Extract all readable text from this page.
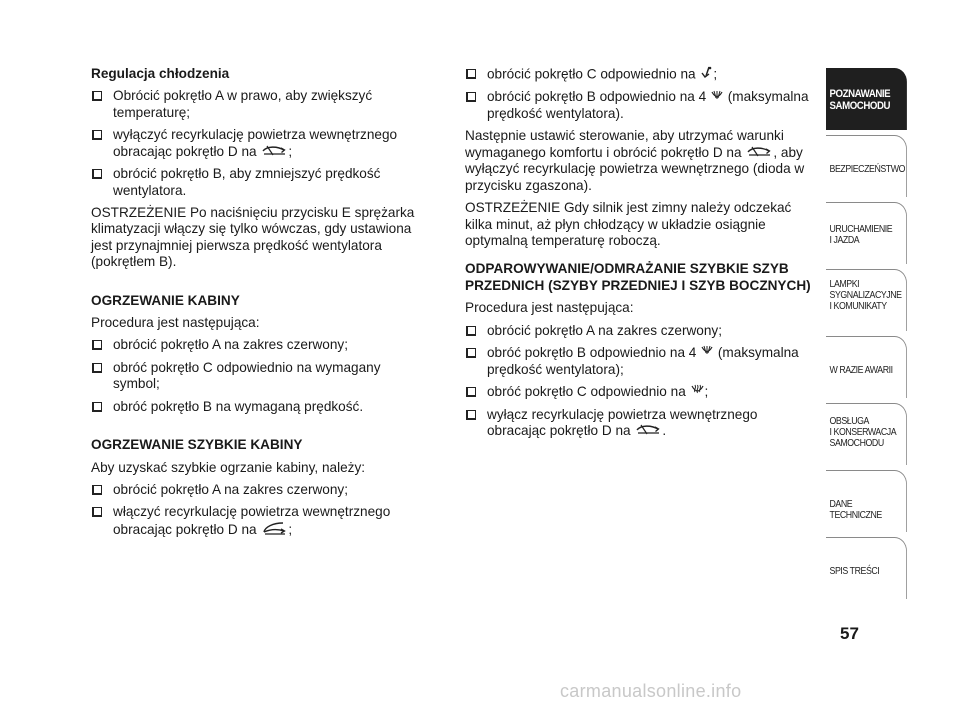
Regulacja chłodzenia
Obrócić pokrętło A w prawo, aby zwiększyć temperaturę;
wyłączyć recyrkulację powietrza wewnętrznego obracając pokrętło D na ;
obrócić pokrętło B, aby zmniejszyć prędkość wentylatora.
OSTRZEŻENIE Po naciśnięciu przycisku E sprężarka klimatyzacji włączy się tylko wówczas, gdy ustawiona jest przynajmniej pierwsza prędkość wentylatora (pokrętłem B).
OGRZEWANIE KABINY
Procedura jest następująca:
obrócić pokrętło A na zakres czerwony;
obróć pokrętło C odpowiednio na wymagany symbol;
obróć pokrętło B na wymaganą prędkość.
OGRZEWANIE SZYBKIE KABINY
Aby uzyskać szybkie ogrzanie kabiny, należy:
obrócić pokrętło A na zakres czerwony;
włączyć recyrkulację powietrza wewnętrznego obracając pokrętło D na ;
obrócić pokrętło C odpowiednio na ;
obrócić pokrętło B odpowiednio na 4  (maksymalna prędkość wentylatora).
Następnie ustawić sterowanie, aby utrzymać warunki wymaganego komfortu i obrócić pokrętło D na , aby wyłączyć recyrkulację powietrza wewnętrznego (dioda w przycisku zgaszona).
OSTRZEŻENIE Gdy silnik jest zimny należy odczekać kilka minut, aż płyn chłodzący w układzie osiągnie optymalną temperaturę roboczą.
ODPAROWYWANIE/ODMRAŻANIE SZYBKIE SZYB PRZEDNICH (SZYBY PRZEDNIEJ I SZYB BOCZNYCH)
Procedura jest następująca:
obrócić pokrętło A na zakres czerwony;
obróć pokrętło B odpowiednio na 4  (maksymalna prędkość wentylatora);
obróć pokrętło C odpowiednio na ;
wyłącz recyrkulację powietrza wewnętrznego obracając pokrętło D na .
POZNAWANIE
SAMOCHODU
BEZPIECZEŃSTWO
URUCHAMIENIE
I JAZDA
LAMPKI
SYGNALIZACYJNE
I KOMUNIKATY
W RAZIE AWARII
OBSŁUGA
I KONSERWACJA
SAMOCHODU
DANE TECHNICZNE
SPIS TREŚCI
57
carmanualsonline.info
